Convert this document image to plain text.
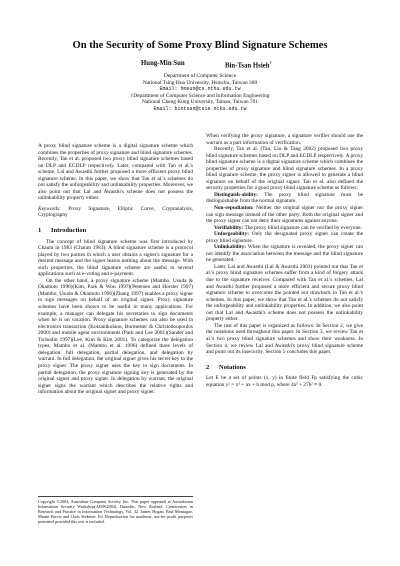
On the Security of Some Proxy Blind Signature Schemes
Hung-Min Sun	Bin-Tsan Hsieh†
Department of Computer Science
National Tsing Hua University, Hsinchu, Taiwan 300
Email: hmsun@cs.nthu.edu.tw
†Department of Computer Science and Information Engineering
National Cheng Kung University, Tainan, Taiwan 701
Email: bintsan@csie.ncku.edu.tw

A proxy blind signature scheme is a digital signature scheme which combines the properties of proxy signature and blind signature schemes. Recently, Tan et al. proposed two proxy blind signature schemes based on DLP and ECDLP respectively. Later, compared with Tan et al.'s scheme, Lal and Awasthi further proposed a more efficient proxy blind signature scheme. In this paper, we show that Tan et al.'s schemes do not satisfy the unforgeability and unlinkability properties. Moreover, we also point out that Lal and Awasthi's scheme does not possess the unlinkability property either.

Keywords: Proxy Signature, Elliptic Curve, Cryptanalysis, Cryptography

1 Introduction

The concept of blind signature scheme was first introduced by Chaum in 1983 (Chaum 1983). A blind signature scheme is a protocol played by two parties in which a user obtains a signer's signature for a desired message and the signer learns nothing about the message. With such properties, the blind signature scheme are useful in several applications such as e-voting and e-payment.

On the other hand, a proxy signature scheme (Mambo, Usuda & Okamoto 1996)(Kim, Park & Won 1997)(Petersen and Horster 1997)(Mambo, Usuda & Okamoto 1996)(Zhang 1997) enables a proxy signer to sign messages on behalf of an original signer. Proxy signature schemes have been shown to be useful in many applications. For example, a manager can delegate his secretaries to sign documents when he is on vacation. Proxy signature schemes can also be used in electronics transaction (Kotzanikolaou, Burmester & Christodoupoulos 2000) and mobile agent environments (Park and Lee 2001)(Sander and Tschudin 1997)(Lee, Kim & Kim 2001). To categorize the delegation types, Mambo et al. (Mambo et al. 1996) defined three levels of delegation: full delegation, partial delegation, and delegation by warrant. In full delegation, the original signer gives his secret key to the proxy signer. The proxy signer uses the key to sign documents. In partial delegation, the proxy signature signing key is generated by the original signer and proxy signer. In delegation by warrant, the original signer signs the warrant which describes the relative rights and information about the original signer and proxy signer.

Copyright ©2004, Australian Computer Society, Inc. This paper appeared at Australasian Information Security Workshop(AISW2004), Dunedin, New Zealand. Conferences in Research and Practice in Information Technology, Vol. 32. James Hogan, Paul Montague, Martin Purvis and Chris Steketee, Ed. Reproduction for academic, not-for profit purposes permitted provided this text is included.

When verifying the proxy signature, a signature verifier should use the warrant as a part information of verification.

Recently, Tan et al. (Tan, Liu & Tang 2002) proposed two proxy blind signature schemes based on DLP and ECDLP respectively. A proxy blind signature scheme is a digital signature scheme which combines the properties of proxy signature and blind signature schemes. In a proxy blind signature scheme, the proxy signer is allowed to generate a blind signature on behalf of the original signer. Tan et al. also defined the security properties for a good proxy blind signature scheme as follows:

Distinguish-ability: The proxy blind signature must be distinguishable from the normal signature.

Non-repudiation: Neither the original signer nor the proxy signer can sign message instead of the other party. Both the original signer and the proxy signer can not deny their signatures against anyone.

Verifiability: The proxy blind signature can be verified by everyone.

Unforgeability: Only the designated proxy signer can create the proxy blind signature.

Unlinkability: When the signature is revealed, the proxy signer can not identify the association between the message and the blind signature he generated.

Later, Lal and Awasthi (Lal & Awasthi 2003) pointed out that Tan et al.'s proxy blind signature schemes suffer from a kind of forgery attack due to the signature receiver. Compared with Tan et al.'s schemes, Lal and Awasthi further proposed a more efficient and secure proxy blind signature scheme to overcome the pointed out drawback in Tan et al.'s schemes. In this paper, we show that Tan et al.'s schemes do not satisfy the unforgeability and unlinkability properties. In addition, we also point out that Lal and Awasthi's scheme does not possess the unlinkability property either.

The rest of this paper is organized as follows: In Section 2, we give the notations used throughout this paper. In Section 3, we review Tan et al.'s two proxy blind signature schemes and show their weakness. In Section 4, we review Lal and Awasthi's proxy blind signature scheme and point out its insecurity. Section 5 concludes this paper.

2 Notations

Let E be a set of points (x, y) in finite field Fp satisfying the cubic equation y² = x³ + ax + b mod p, where 4a³ + 27b² ≠ 0.
